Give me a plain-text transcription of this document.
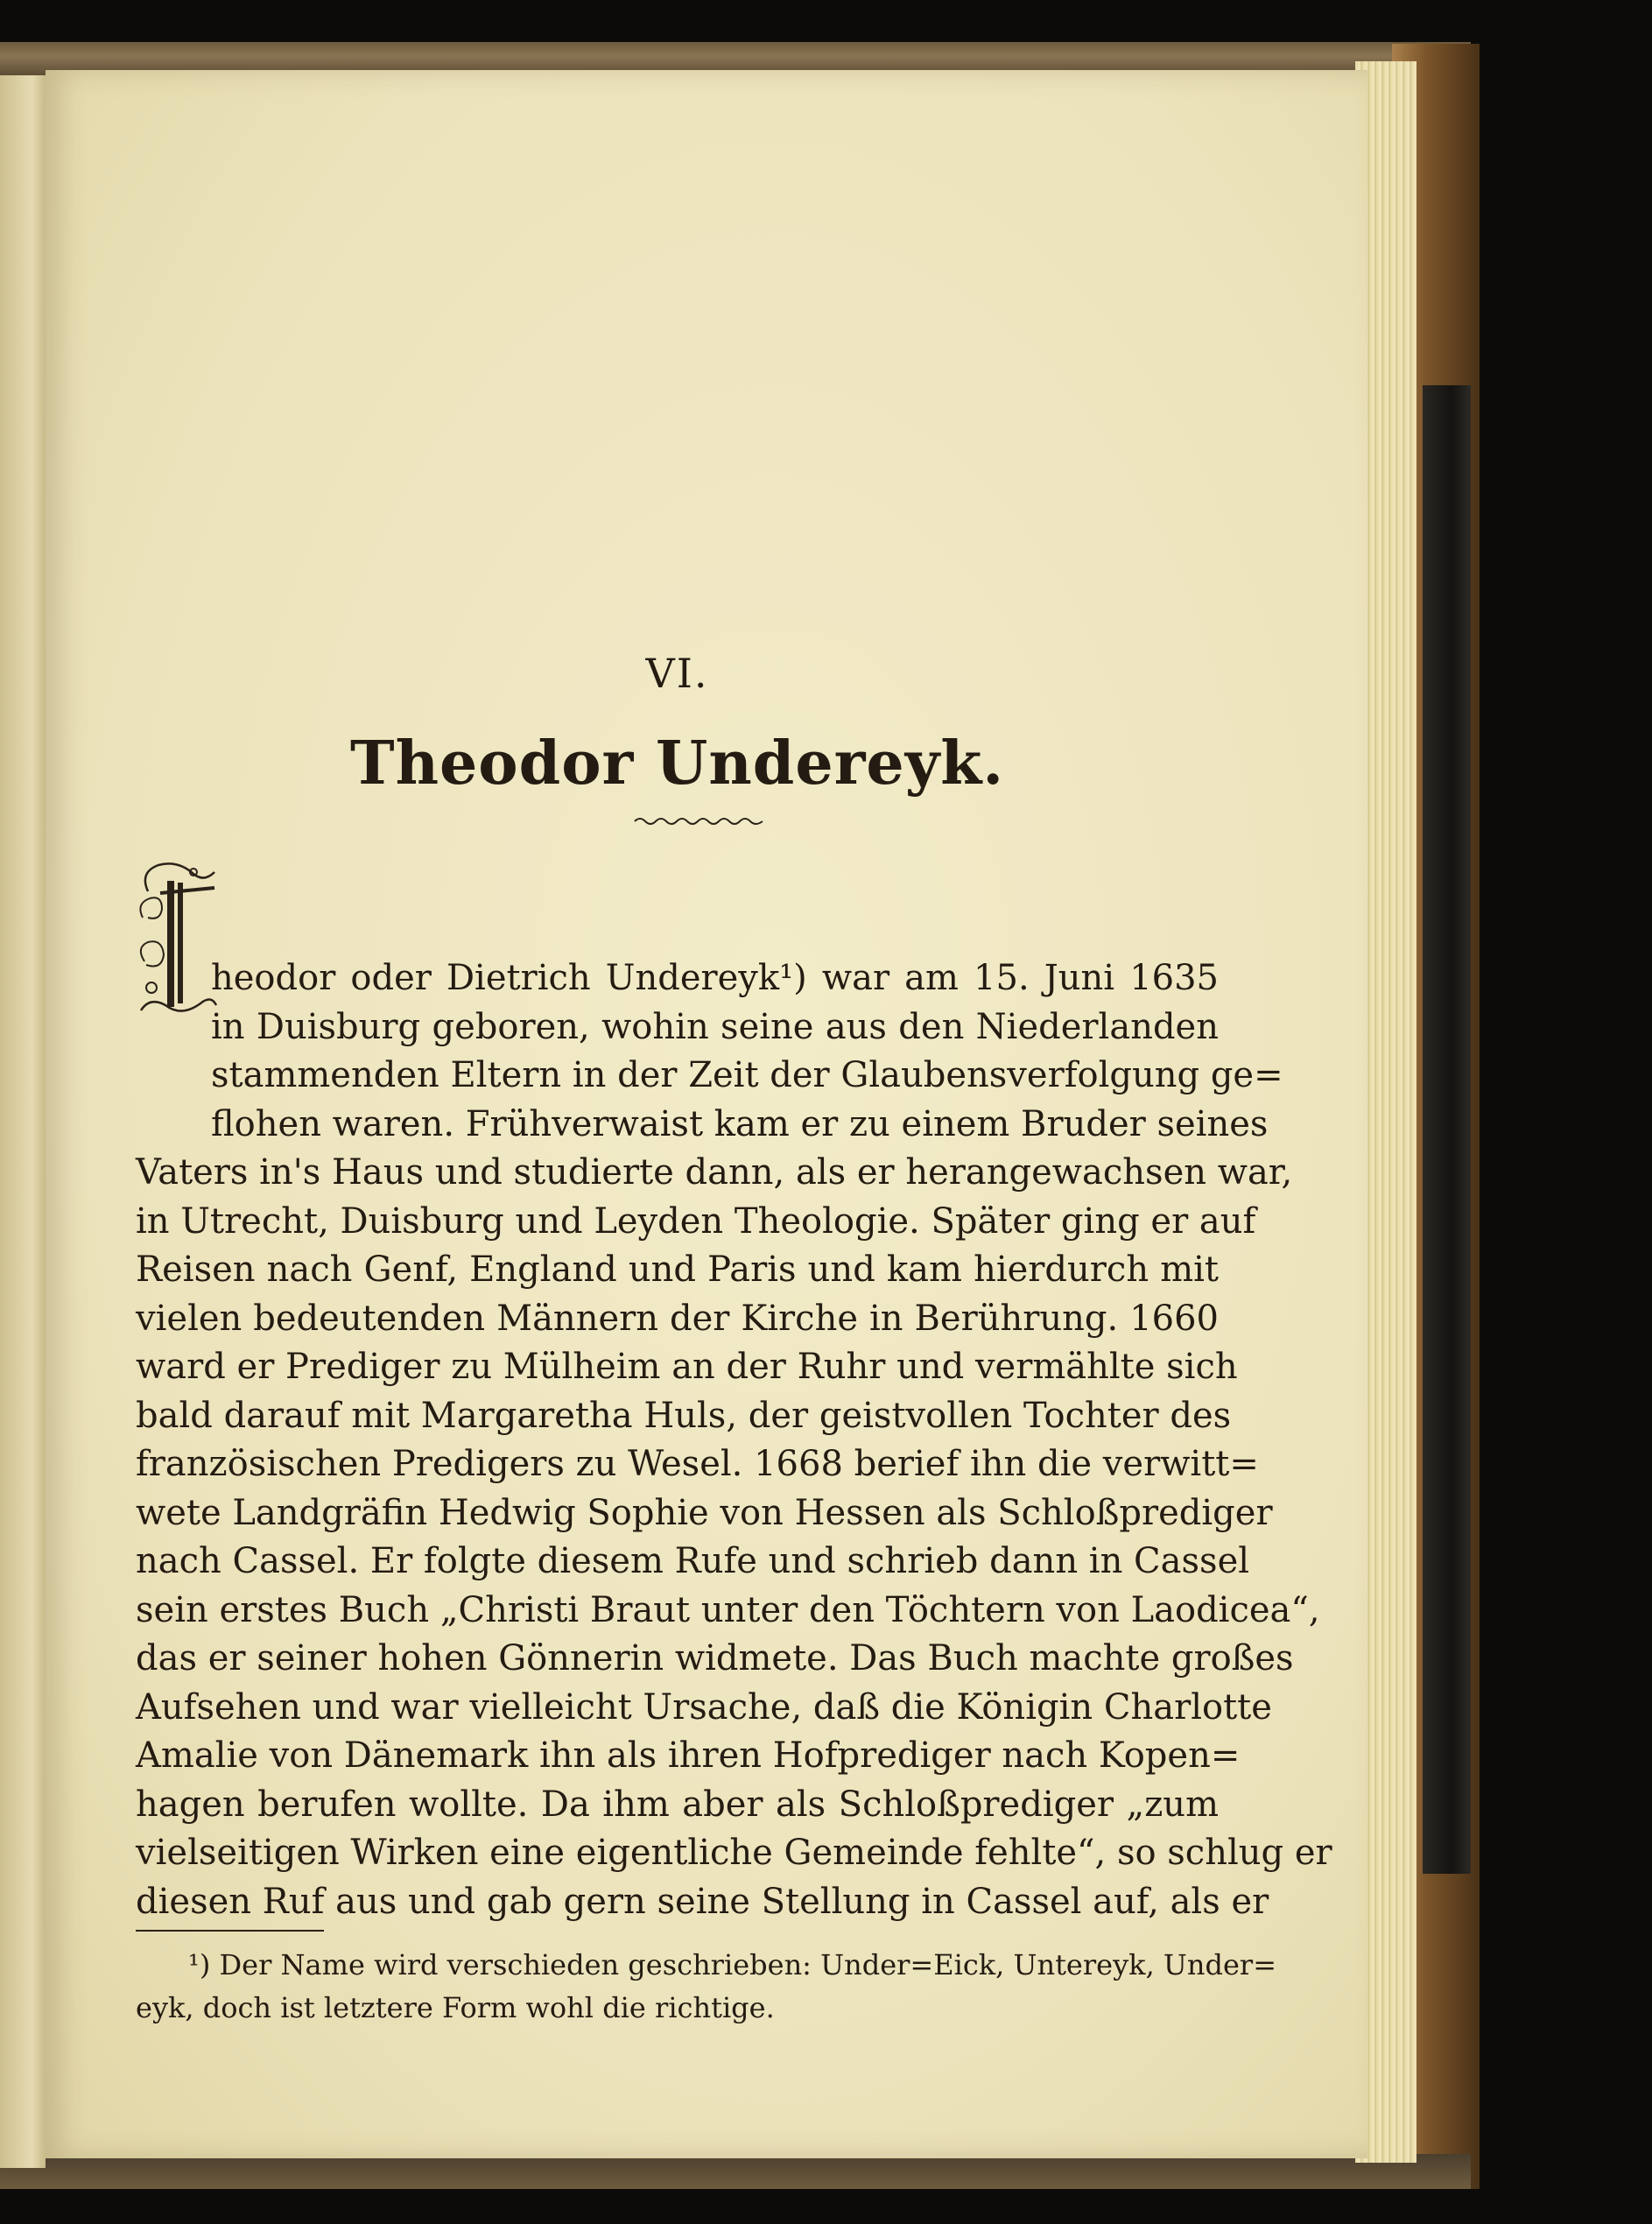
VI.
Theodor Undereyk.
heodor oder Dietrich Undereyk¹) war am 15. Juni 1635
in Duisburg geboren, wohin seine aus den Niederlanden
stammenden Eltern in der Zeit der Glaubensverfolgung ge=
flohen waren. Frühverwaist kam er zu einem Bruder seines
Vaters in's Haus und studierte dann, als er herangewachsen war,
in Utrecht, Duisburg und Leyden Theologie. Später ging er auf
Reisen nach Genf, England und Paris und kam hierdurch mit
vielen bedeutenden Männern der Kirche in Berührung. 1660
ward er Prediger zu Mülheim an der Ruhr und vermählte sich
bald darauf mit Margaretha Huls, der geistvollen Tochter des
französischen Predigers zu Wesel. 1668 berief ihn die verwitt=
wete Landgräfin Hedwig Sophie von Hessen als Schloßprediger
nach Cassel. Er folgte diesem Rufe und schrieb dann in Cassel
sein erstes Buch „Christi Braut unter den Töchtern von Laodicea“,
das er seiner hohen Gönnerin widmete. Das Buch machte großes
Aufsehen und war vielleicht Ursache, daß die Königin Charlotte
Amalie von Dänemark ihn als ihren Hofprediger nach Kopen=
hagen berufen wollte. Da ihm aber als Schloßprediger „zum
vielseitigen Wirken eine eigentliche Gemeinde fehlte“, so schlug er
diesen Ruf aus und gab gern seine Stellung in Cassel auf, als er
¹) Der Name wird verschieden geschrieben: Under=Eick, Untereyk, Under=
eyk, doch ist letztere Form wohl die richtige.
